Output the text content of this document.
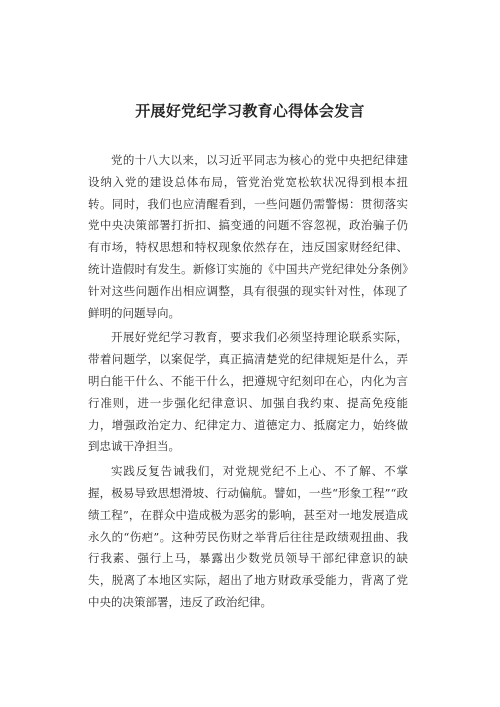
开展好党纪学习教育心得体会发言

党的十八大以来，以习近平同志为核心的党中央把纪律建设纳入党的建设总体布局，管党治党宽松软状况得到根本扭转。同时，我们也应清醒看到，一些问题仍需警惕：贯彻落实党中央决策部署打折扣、搞变通的问题不容忽视，政治骗子仍有市场，特权思想和特权现象依然存在，违反国家财经纪律、统计造假时有发生。新修订实施的《中国共产党纪律处分条例》针对这些问题作出相应调整，具有很强的现实针对性，体现了鲜明的问题导向。

开展好党纪学习教育，要求我们必须坚持理论联系实际，带着问题学，以案促学，真正搞清楚党的纪律规矩是什么，弄明白能干什么、不能干什么，把遵规守纪刻印在心，内化为言行准则，进一步强化纪律意识、加强自我约束、提高免疫能力，增强政治定力、纪律定力、道德定力、抵腐定力，始终做到忠诚干净担当。

实践反复告诫我们，对党规党纪不上心、不了解、不掌握，极易导致思想滑坡、行动偏航。譬如，一些“形象工程”“政绩工程”，在群众中造成极为恶劣的影响，甚至对一地发展造成永久的“伤疤”。这种劳民伤财之举背后往往是政绩观扭曲、我行我素、强行上马，暴露出少数党员领导干部纪律意识的缺失，脱离了本地区实际，超出了地方财政承受能力，背离了党中央的决策部署，违反了政治纪律。
